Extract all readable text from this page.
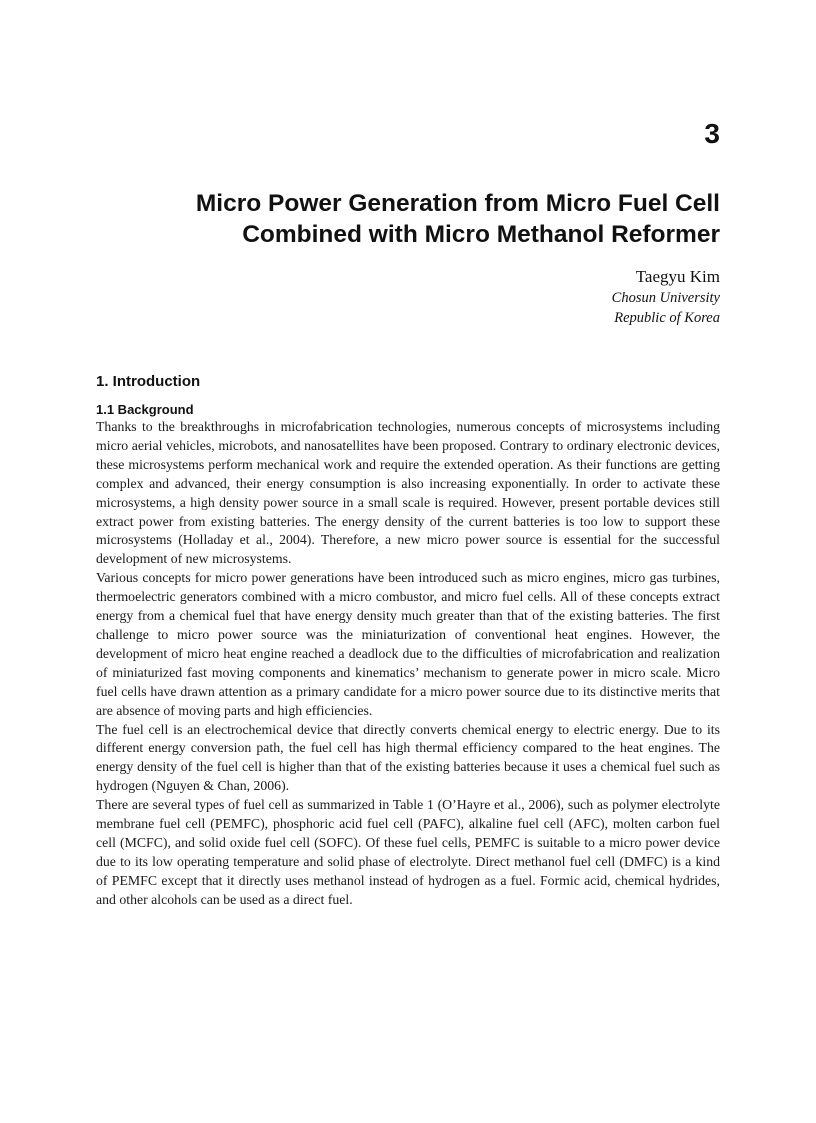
3
Micro Power Generation from Micro Fuel Cell
Combined with Micro Methanol Reformer
Taegyu Kim
Chosun University
Republic of Korea
1. Introduction
1.1 Background

Thanks to the breakthroughs in microfabrication technologies, numerous concepts of microsystems including micro aerial vehicles, microbots, and nanosatellites have been proposed. Contrary to ordinary electronic devices, these microsystems perform mechanical work and require the extended operation. As their functions are getting complex and advanced, their energy consumption is also increasing exponentially. In order to activate these microsystems, a high density power source in a small scale is required. However, present portable devices still extract power from existing batteries. The energy density of the current batteries is too low to support these microsystems (Holladay et al., 2004). Therefore, a new micro power source is essential for the successful development of new microsystems.

Various concepts for micro power generations have been introduced such as micro engines, micro gas turbines, thermoelectric generators combined with a micro combustor, and micro fuel cells. All of these concepts extract energy from a chemical fuel that have energy density much greater than that of the existing batteries. The first challenge to micro power source was the miniaturization of conventional heat engines. However, the development of micro heat engine reached a deadlock due to the difficulties of microfabrication and realization of miniaturized fast moving components and kinematics’ mechanism to generate power in micro scale. Micro fuel cells have drawn attention as a primary candidate for a micro power source due to its distinctive merits that are absence of moving parts and high efficiencies.

The fuel cell is an electrochemical device that directly converts chemical energy to electric energy. Due to its different energy conversion path, the fuel cell has high thermal efficiency compared to the heat engines. The energy density of the fuel cell is higher than that of the existing batteries because it uses a chemical fuel such as hydrogen (Nguyen & Chan, 2006).

There are several types of fuel cell as summarized in Table 1 (O’Hayre et al., 2006), such as polymer electrolyte membrane fuel cell (PEMFC), phosphoric acid fuel cell (PAFC), alkaline fuel cell (AFC), molten carbon fuel cell (MCFC), and solid oxide fuel cell (SOFC). Of these fuel cells, PEMFC is suitable to a micro power device due to its low operating temperature and solid phase of electrolyte. Direct methanol fuel cell (DMFC) is a kind of PEMFC except that it directly uses methanol instead of hydrogen as a fuel. Formic acid, chemical hydrides, and other alcohols can be used as a direct fuel.
